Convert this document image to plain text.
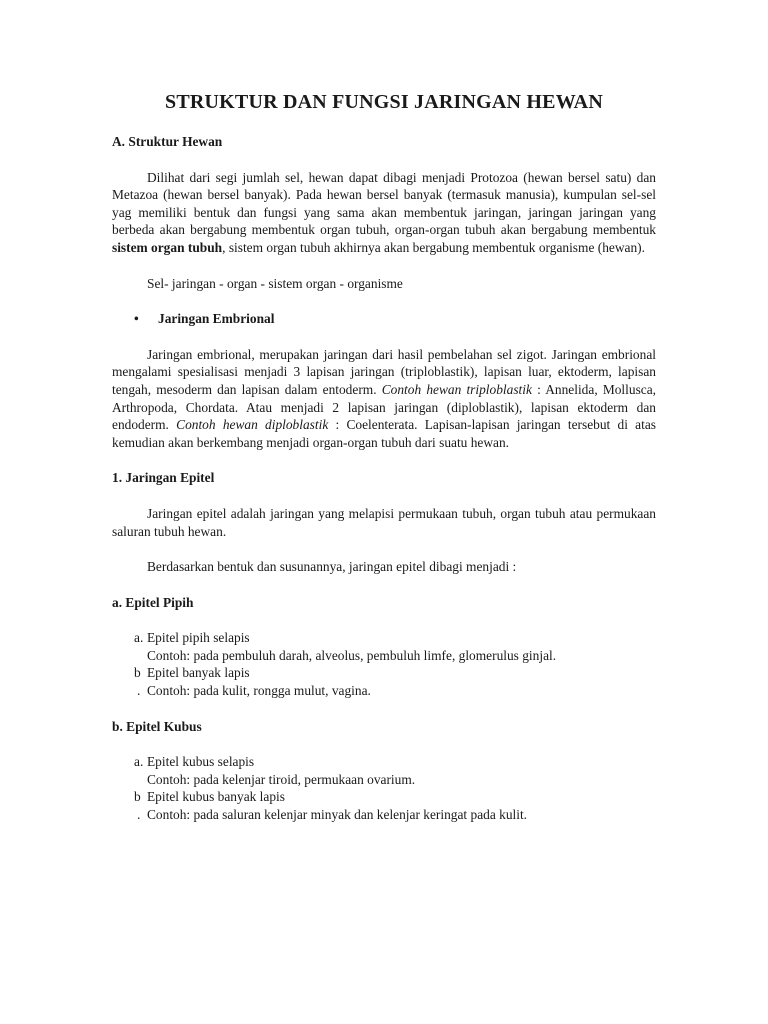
STRUKTUR DAN FUNGSI JARINGAN HEWAN
A. Struktur Hewan

Dilihat dari segi jumlah sel, hewan dapat dibagi menjadi Protozoa (hewan bersel satu) dan Metazoa (hewan bersel banyak). Pada hewan bersel banyak (termasuk manusia), kumpulan sel-sel yag memiliki bentuk dan fungsi yang sama akan membentuk jaringan, jaringan jaringan yang berbeda akan bergabung membentuk organ tubuh, organ-organ tubuh akan bergabung membentuk sistem organ tubuh, sistem organ tubuh akhirnya akan bergabung membentuk organisme (hewan).

Sel- jaringan - organ - sistem organ - organisme
•	Jaringan Embrional

Jaringan embrional, merupakan jaringan dari hasil pembelahan sel zigot. Jaringan embrional mengalami spesialisasi menjadi 3 lapisan jaringan (triploblastik), lapisan luar, ektoderm, lapisan tengah, mesoderm dan lapisan dalam entoderm. Contoh hewan triploblastik : Annelida, Mollusca, Arthropoda, Chordata. Atau menjadi 2 lapisan jaringan (diploblastik), lapisan ektoderm dan endoderm. Contoh hewan diploblastik : Coelenterata. Lapisan-lapisan jaringan tersebut di atas kemudian akan berkembang menjadi organ-organ tubuh dari suatu hewan.

1. Jaringan Epitel

Jaringan epitel adalah jaringan yang melapisi permukaan tubuh, organ tubuh atau permukaan saluran tubuh hewan.

Berdasarkan bentuk dan susunannya, jaringan epitel dibagi menjadi :
a. Epitel Pipih
a. Epitel pipih selapis
Contoh: pada pembuluh darah, alveolus, pembuluh limfe, glomerulus ginjal.
b Epitel banyak lapis
. Contoh: pada kulit, rongga mulut, vagina.
b. Epitel Kubus
a. Epitel kubus selapis
Contoh: pada kelenjar tiroid, permukaan ovarium.
b Epitel kubus banyak lapis
. Contoh: pada saluran kelenjar minyak dan kelenjar keringat pada kulit.
